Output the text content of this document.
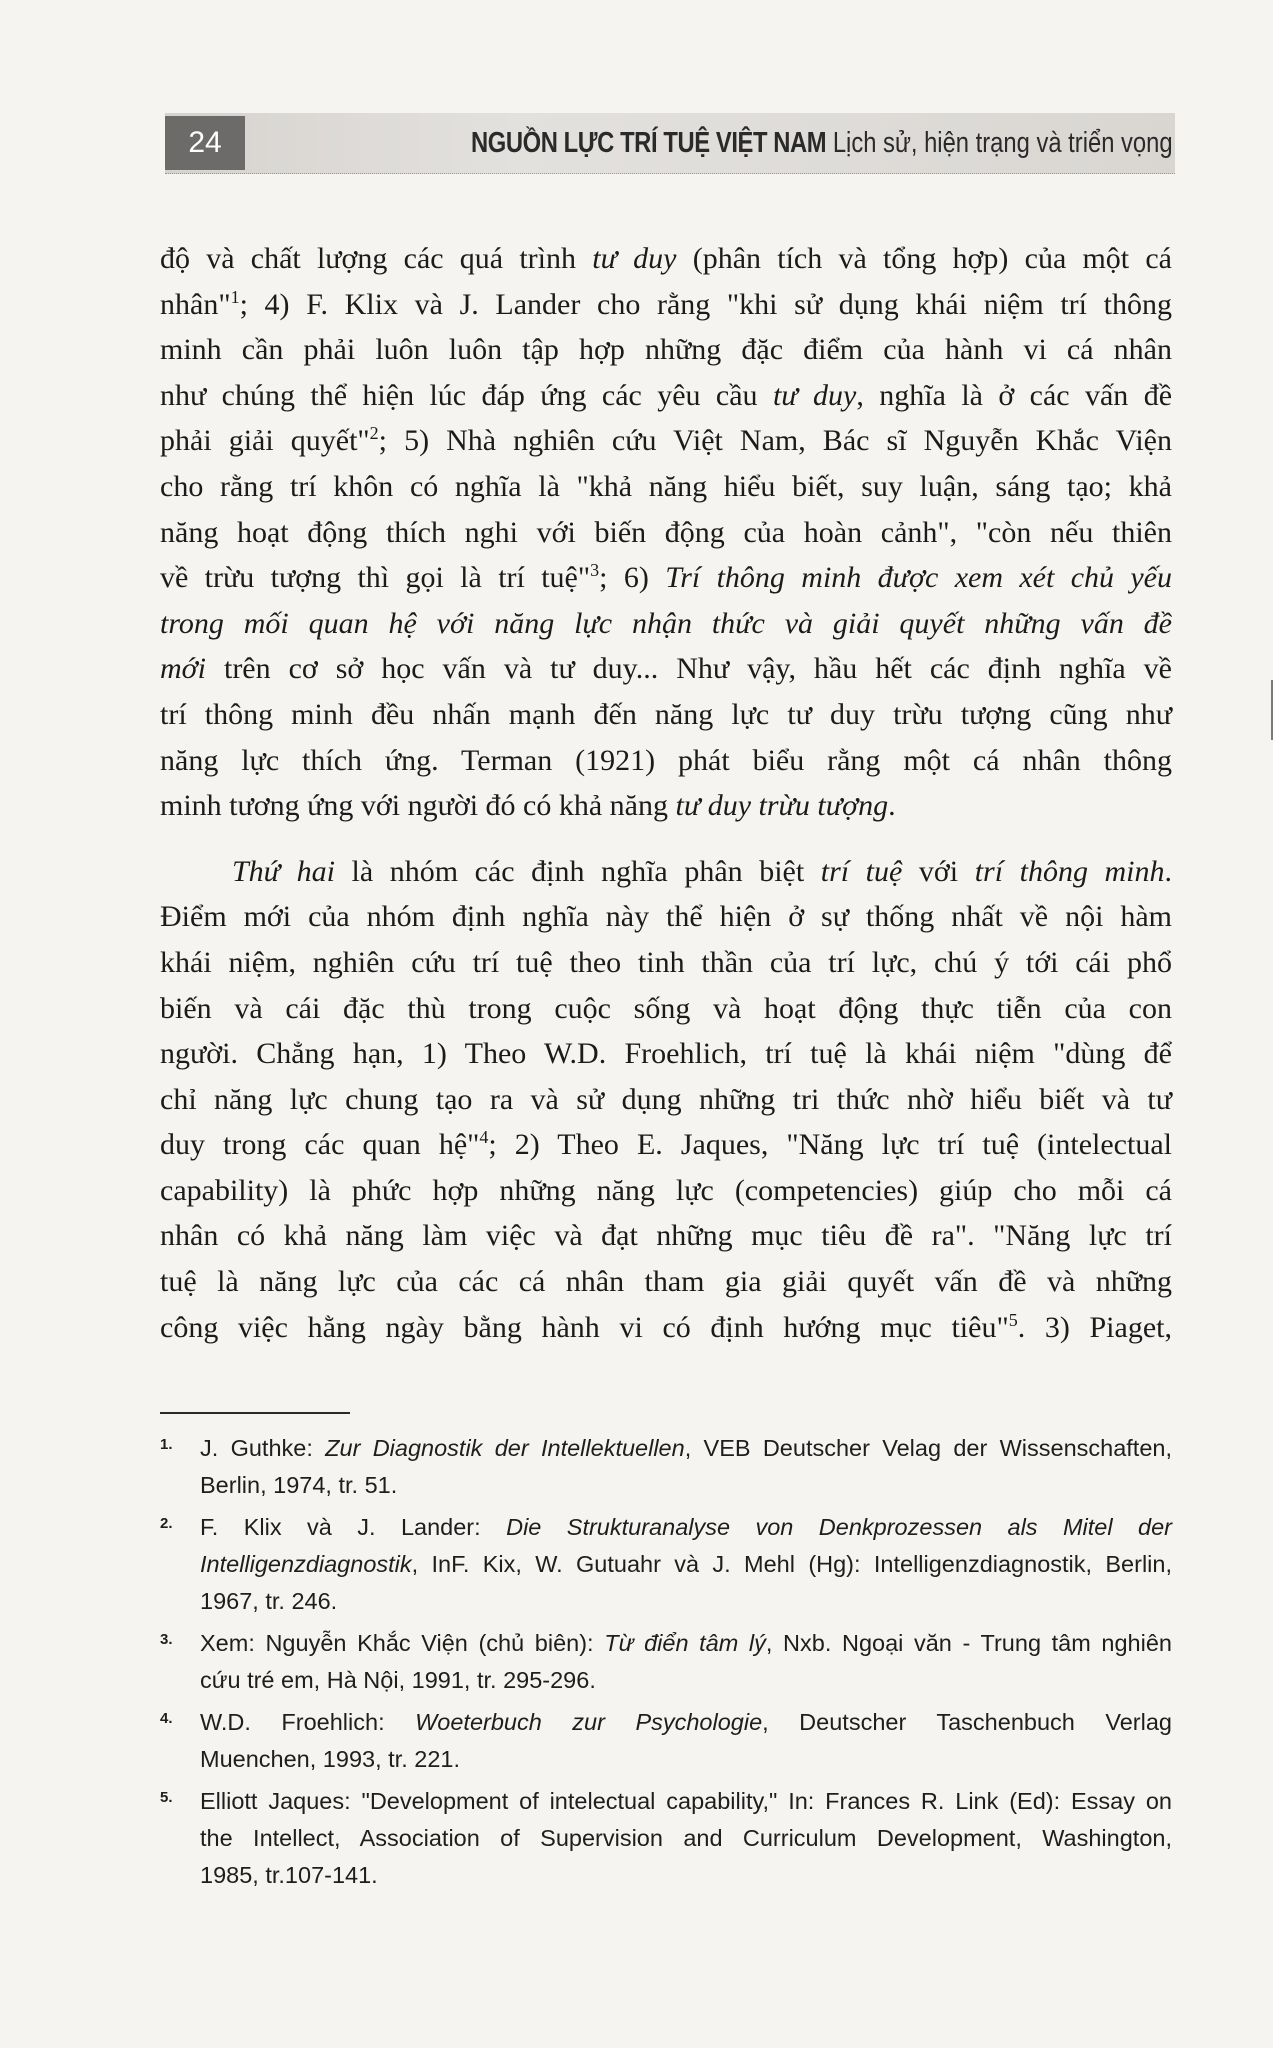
24	NGUỒN LỰC TRÍ TUỆ VIỆT NAM Lịch sử, hiện trạng và triển vọng
độ và chất lượng các quá trình tư duy (phân tích và tổng hợp) của một cá
nhân"$^1$; 4) F. Klix và J. Lander cho rằng "khi sử dụng khái niệm trí thông
minh cần phải luôn luôn tập hợp những đặc điểm của hành vi cá nhân
như chúng thể hiện lúc đáp ứng các yêu cầu tư duy, nghĩa là ở các vấn đề
phải giải quyết"$^2$; 5) Nhà nghiên cứu Việt Nam, Bác sĩ Nguyễn Khắc Viện
cho rằng trí khôn có nghĩa là "khả năng hiểu biết, suy luận, sáng tạo; khả
năng hoạt động thích nghi với biến động của hoàn cảnh", "còn nếu thiên
về trừu tượng thì gọi là trí tuệ"$^3$; 6) Trí thông minh được xem xét chủ yếu
trong mối quan hệ với năng lực nhận thức và giải quyết những vấn đề
mới trên cơ sở học vấn và tư duy... Như vậy, hầu hết các định nghĩa về
trí thông minh đều nhấn mạnh đến năng lực tư duy trừu tượng cũng như
năng lực thích ứng. Terman (1921) phát biểu rằng một cá nhân thông
minh tương ứng với người đó có khả năng tư duy trừu tượng.
Thứ hai là nhóm các định nghĩa phân biệt trí tuệ với trí thông minh.
Điểm mới của nhóm định nghĩa này thể hiện ở sự thống nhất về nội hàm
khái niệm, nghiên cứu trí tuệ theo tinh thần của trí lực, chú ý tới cái phổ
biến và cái đặc thù trong cuộc sống và hoạt động thực tiễn của con
người. Chẳng hạn, 1) Theo W.D. Froehlich, trí tuệ là khái niệm "dùng để
chỉ năng lực chung tạo ra và sử dụng những tri thức nhờ hiểu biết và tư
duy trong các quan hệ"$^4$; 2) Theo E. Jaques, "Năng lực trí tuệ (intelectual
capability) là phức hợp những năng lực (competencies) giúp cho mỗi cá
nhân có khả năng làm việc và đạt những mục tiêu đề ra". "Năng lực trí
tuệ là năng lực của các cá nhân tham gia giải quyết vấn đề và những
công việc hằng ngày bằng hành vi có định hướng mục tiêu"$^5$. 3) Piaget,
1. J. Guthke: Zur Diagnostik der Intellektuellen, VEB Deutscher Velag der Wissenschaften,
Berlin, 1974, tr. 51.
2. F. Klix và J. Lander: Die Strukturanalyse von Denkprozessen als Mitel der
Intelligenzdiagnostik, InF. Kix, W. Gutuahr và J. Mehl (Hg): Intelligenzdiagnostik, Berlin,
1967, tr. 246.
3. Xem: Nguyễn Khắc Viện (chủ biên): Từ điển tâm lý, Nxb. Ngoại văn - Trung tâm nghiên
cứu tré em, Hà Nội, 1991, tr. 295-296.
4. W.D. Froehlich: Woeterbuch zur Psychologie, Deutscher Taschenbuch Verlag
Muenchen, 1993, tr. 221.
5. Elliott Jaques: "Development of intelectual capability," In: Frances R. Link (Ed): Essay on
the Intellect, Association of Supervision and Curriculum Development, Washington,
1985, tr.107-141.
